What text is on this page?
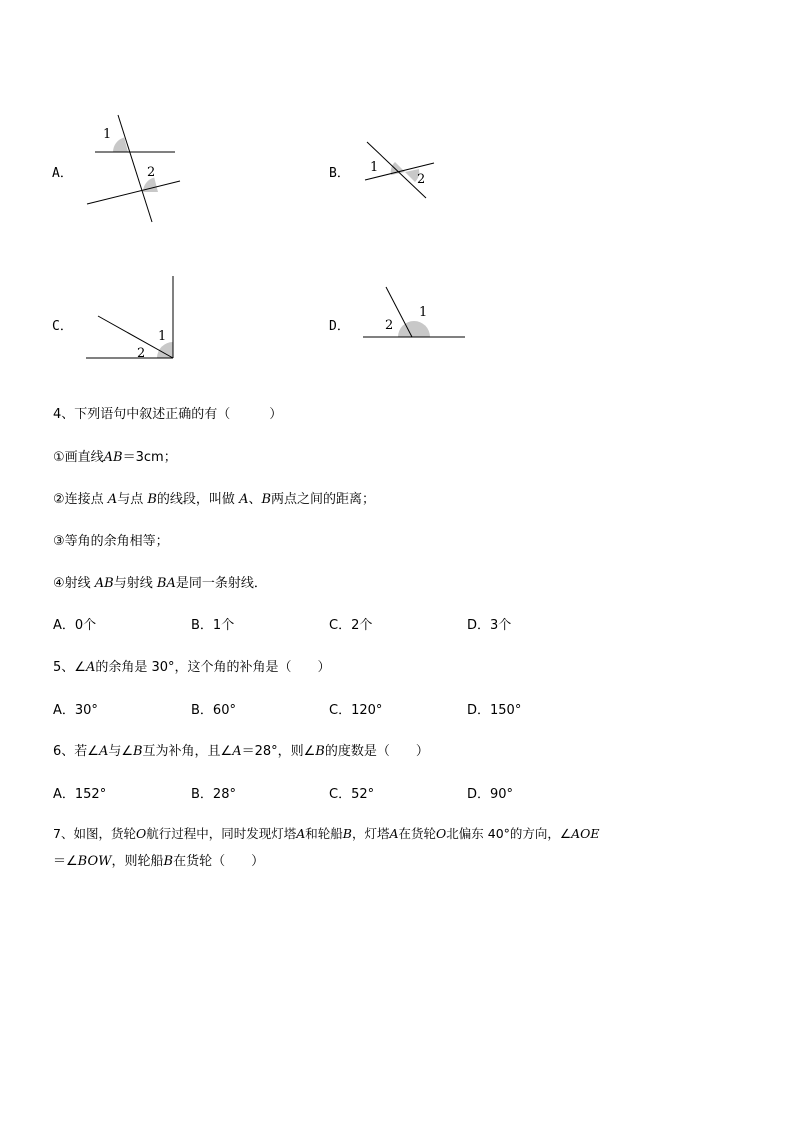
A．
1
2	B． 1
2
C．
1
2
D．
1
2
4、下列语句中叙述正确的有（　　　）
①画直线AB＝3cm；
②连接点 A与点 B的线段，叫做 A、B两点之间的距离；
③等角的余角相等；
④射线 AB与射线 BA是同一条射线．
A．0个	B．1个	C．2个	D．3个
5、∠A的余角是 30°，这个角的补角是（　　）
A．30°	B．60°	C．120°	D．150°
6、若∠A与∠B互为补角，且∠A＝28°，则∠B的度数是（　　）
A．152°	B．28°	C．52°	D．90°
7、如图，货轮O航行过程中，同时发现灯塔A和轮船B，灯塔A在货轮O北偏东 40°的方向，∠AOE
＝∠BOW，则轮船B在货轮（　　）
